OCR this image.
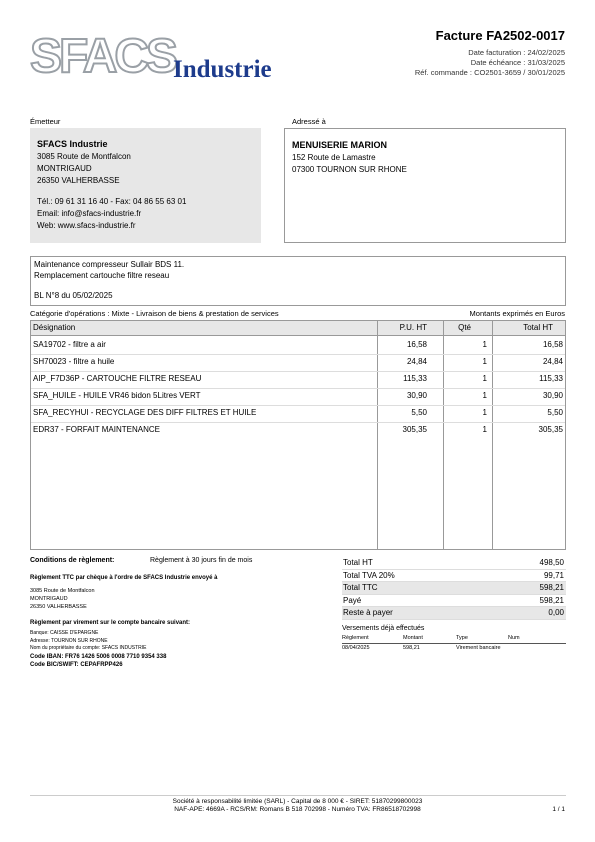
SFACS
Industrie
Facture FA2502-0017
Date facturation : 24/02/2025
Date échéance : 31/03/2025
Réf. commande : CO2501-3659 / 30/01/2025
Émetteur
SFACS Industrie
3085 Route de Montfalcon
MONTRIGAUD
26350 VALHERBASSE
Tél.: 09 61 31 16 40 - Fax: 04 86 55 63 01
Email: info@sfacs-industrie.fr
Web: www.sfacs-industrie.fr
Adressé à
MENUISERIE MARION
152 Route de Lamastre
07300 TOURNON SUR RHONE
Maintenance compresseur Sullair BDS 11.
Remplacement cartouche filtre reseau
BL N°8 du 05/02/2025
Catégorie d'opérations : Mixte - Livraison de biens & prestation de services	Montants exprimés en Euros
Désignation	P.U. HT	Qté	Total HT
SA19702 - filtre a air	16,58	1	16,58
SH70023 - filtre a huile	24,84	1	24,84
AIP_F7D36P - CARTOUCHE FILTRE RESEAU	115,33	1	115,33
SFA_HUILE - HUILE VR46 bidon 5Litres VERT	30,90	1	30,90
SFA_RECYHUI - RECYCLAGE DES DIFF FILTRES ET HUILE	5,50	1	5,50
EDR37 - FORFAIT MAINTENANCE	305,35	1	305,35
Conditions de règlement:	Règlement à 30 jours fin de mois
Règlement TTC par chèque à l'ordre de SFACS Industrie envoyé à
3085 Route de Montfalcon
MONTRIGAUD
26350 VALHERBASSE
Règlement par virement sur le compte bancaire suivant:
Banque: CAISSE D'EPARGNE
Adresse: TOURNON SUR RHONE
Nom du propriétaire du compte: SFACS INDUSTRIE
Code IBAN: FR76 1426 5006 0008 7710 9354 338
Code BIC/SWIFT: CEPAFRPP426
Total HT	498,50
Total TVA 20%	99,71
Total TTC	598,21
Payé	598,21
Reste à payer	0,00
Versements déjà effectués
Règlement	Montant	Type	Num
08/04/2025	598,21	Virement bancaire
Société à responsabilité limitée (SARL) - Capital de 8 000 € - SIRET: 51870299800023
NAF-APE: 4669A - RCS/RM: Romans B 518 702998 - Numéro TVA: FR86518702998	1 / 1
